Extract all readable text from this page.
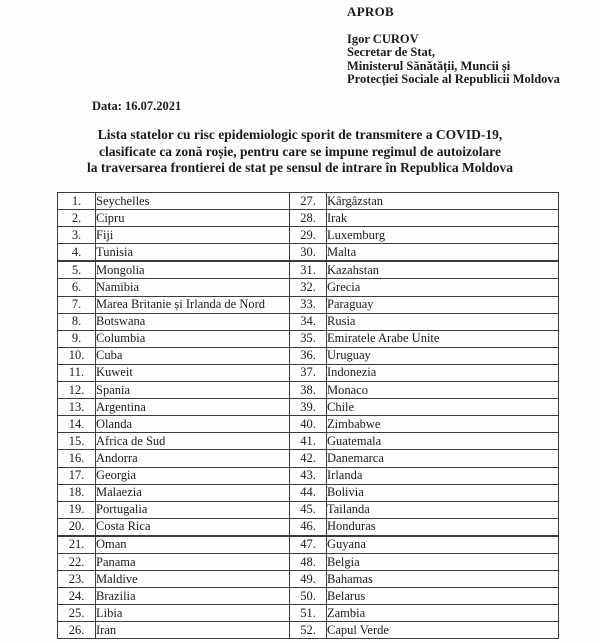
APROB
Igor CUROV
Secretar de Stat,
Ministerul Sănătății, Muncii și
Protecției Sociale al Republicii Moldova
Data: 16.07.2021
Lista statelor cu risc epidemiologic sporit de transmitere a COVID-19,
clasificate ca zonă roșie, pentru care se impune regimul de autoizolare
la traversarea frontierei de stat pe sensul de intrare în Republica Moldova
1.	Seychelles	27.	Kârgâzstan
2.	Cipru	28.	Irak
3.	Fiji	29.	Luxemburg
4.	Tunisia	30.	Malta
5.	Mongolia	31.	Kazahstan
6.	Namibia	32.	Grecia
7.	Marea Britanie și Irlanda de Nord	33.	Paraguay
8.	Botswana	34.	Rusia
9.	Columbia	35.	Emiratele Arabe Unite
10.	Cuba	36.	Uruguay
11.	Kuweit	37.	Indonezia
12.	Spania	38.	Monaco
13.	Argentina	39.	Chile
14.	Olanda	40.	Zimbabwe
15.	Africa de Sud	41.	Guatemala
16.	Andorra	42.	Danemarca
17.	Georgia	43.	Irlanda
18.	Malaezia	44.	Bolivia
19.	Portugalia	45.	Tailanda
20.	Costa Rica	46.	Honduras
21.	Oman	47.	Guyana
22.	Panama	48.	Belgia
23.	Maldive	49.	Bahamas
24.	Brazilia	50.	Belarus
25.	Libia	51.	Zambia
26.	Iran	52.	Capul Verde
